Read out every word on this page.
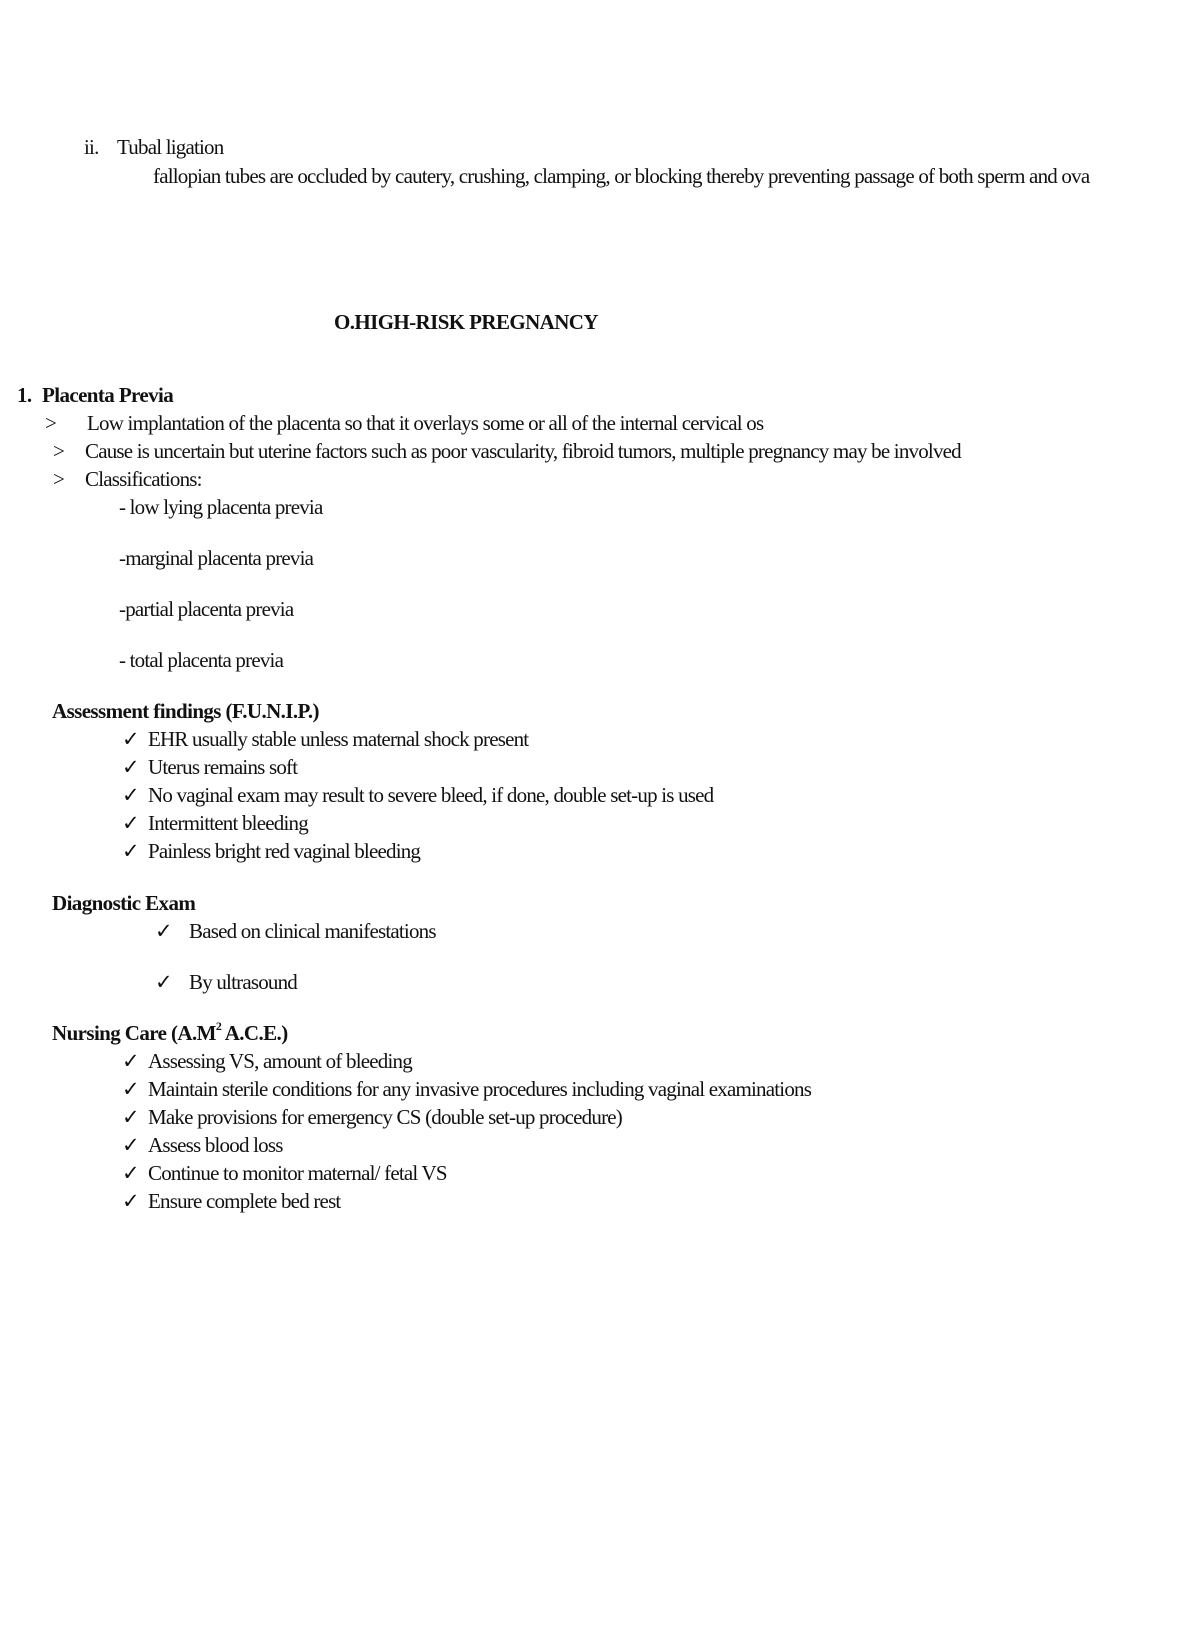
ii. Tubal ligation
fallopian tubes are occluded by cautery, crushing, clamping, or blocking thereby preventing passage of both sperm and ova
O.HIGH-RISK PREGNANCY
1. Placenta Previa
> Low implantation of the placenta so that it overlays some or all of the internal cervical os
> Cause is uncertain but uterine factors such as poor vascularity, fibroid tumors, multiple pregnancy may be involved
> Classifications:
- low lying placenta previa
-marginal placenta previa
-partial placenta previa
- total placenta previa
Assessment findings (F.U.N.I.P.)
✓ EHR usually stable unless maternal shock present
✓ Uterus remains soft
✓ No vaginal exam may result to severe bleed, if done, double set-up is used
✓ Intermittent bleeding
✓ Painless bright red vaginal bleeding
Diagnostic Exam
✓ Based on clinical manifestations
✓ By ultrasound
Nursing Care ($A.M^2$ A.C.E.)
✓ Assessing VS, amount of bleeding
✓ Maintain sterile conditions for any invasive procedures including vaginal examinations
✓ Make provisions for emergency CS (double set-up procedure)
✓ Assess blood loss
✓ Continue to monitor maternal/ fetal VS
✓ Ensure complete bed rest
